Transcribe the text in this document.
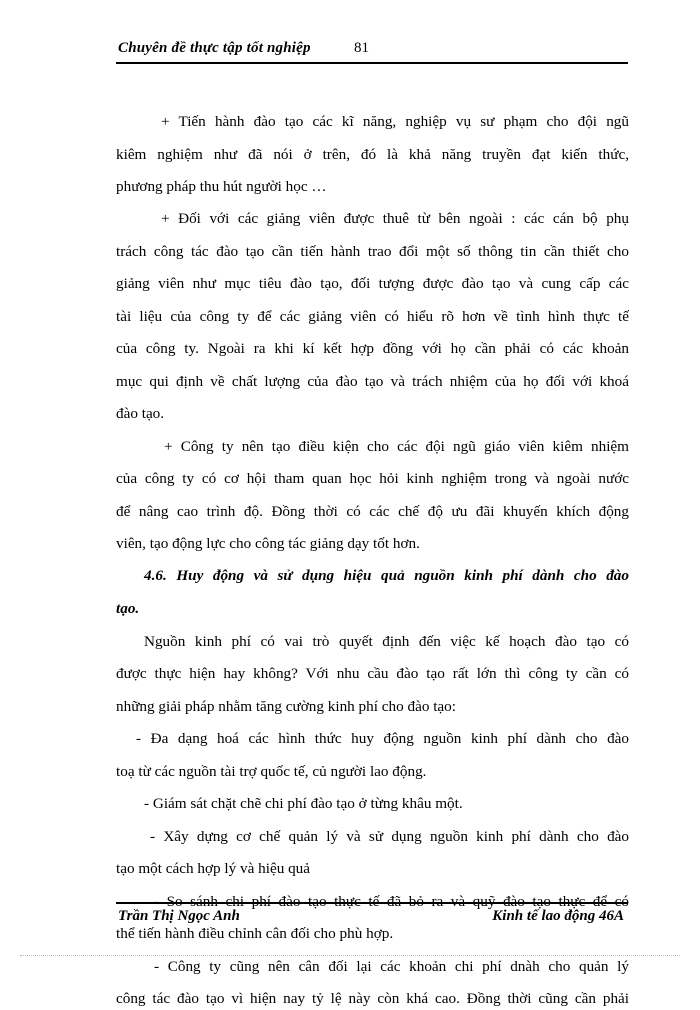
Chuyên đề thực tập tốt nghiệp	81
+ Tiến hành đào tạo các kĩ năng, nghiệp vụ sư phạm cho đội ngũ
kiêm nghiệm như đã nói ở trên, đó là khả năng truyền đạt kiến thức,
phương pháp thu hút người học …
+ Đối với các giảng viên được thuê từ bên ngoài : các cán bộ phụ
trách công tác đào tạo cần tiến hành trao đổi một số thông tin cần thiết cho
giảng viên như mục tiêu đào tạo, đối tượng được đào tạo và cung cấp các
tài liệu của công ty để các giảng viên có hiểu rõ hơn về tình hình thực tế
của công ty. Ngoài ra khi kí kết hợp đồng với họ cần phải có các khoản
mục qui định về chất lượng của đào tạo và trách nhiệm của họ đối với khoá
đào tạo.
+ Công ty nên tạo điều kiện cho các đội ngũ giáo viên kiêm nhiệm
của công ty có cơ hội tham quan học hỏi kinh nghiệm trong và ngoài nước
để nâng cao trình độ. Đồng thời có các chế độ ưu đãi khuyến khích động
viên, tạo động lực cho công tác giảng dạy tốt hơn.
4.6. Huy động và sử dụng hiệu quả nguồn kinh phí dành cho đào
tạo.
Nguồn kinh phí có vai trò quyết định đến việc kế hoạch đào tạo có
được thực hiện hay không? Với nhu cầu đào tạo rất lớn thì công ty cần có
những giải pháp nhằm tăng cường kinh phí cho đào tạo:
- Đa dạng hoá các hình thức huy động nguồn kinh phí dành cho đào
toạ từ các nguồn tài trợ quốc tế, củ người lao động.
- Giám sát chặt chẽ chi phí đào tạo ở từng khâu một.
- Xây dựng cơ chế quản lý và sử dụng nguồn kinh phí dành cho đào
tạo một cách hợp lý và hiệu quả
- So sánh chi phí đào tạo thực tế đã bỏ ra và quỹ đào tạo thực để có
thể tiến hành điều chỉnh cân đối cho phù hợp.
- Công ty cũng nên cân đối lại các khoản chi phí dnàh cho quản lý
công tác đào tạo vì hiện nay tỷ lệ này còn khá cao. Đồng thời cũng cần phải
Trần Thị Ngọc Anh	Kinh tế lao động 46A
